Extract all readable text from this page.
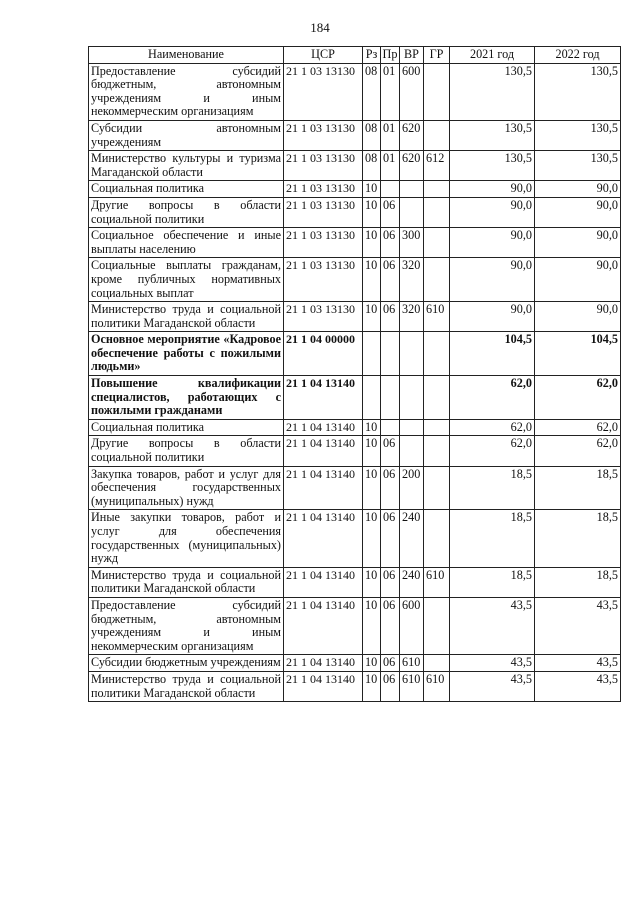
184
Наименование	ЦСР	Рз	Пр	ВР	ГР	2021 год	2022 год
Предоставление субсидий бюджетным, автономным учреждениям и иным некоммерческим организациям	21 1 03 13130	08	01	600		130,5	130,5
Субсидии автономным учреждениям	21 1 03 13130	08	01	620		130,5	130,5
Министерство культуры и туризма Магаданской области	21 1 03 13130	08	01	620	612	130,5	130,5
Социальная политика	21 1 03 13130	10				90,0	90,0
Другие вопросы в области социальной политики	21 1 03 13130	10	06			90,0	90,0
Социальное обеспечение и иные выплаты населению	21 1 03 13130	10	06	300		90,0	90,0
Социальные выплаты гражданам, кроме публичных нормативных социальных выплат	21 1 03 13130	10	06	320		90,0	90,0
Министерство труда и социальной политики Магаданской области	21 1 03 13130	10	06	320	610	90,0	90,0
Основное мероприятие «Кадровое обеспечение работы с пожилыми людьми»	21 1 04 00000					104,5	104,5
Повышение квалификации специалистов, работающих с пожилыми гражданами	21 1 04 13140					62,0	62,0
Социальная политика	21 1 04 13140	10				62,0	62,0
Другие вопросы в области социальной политики	21 1 04 13140	10	06			62,0	62,0
Закупка товаров, работ и услуг для обеспечения государственных (муниципальных) нужд	21 1 04 13140	10	06	200		18,5	18,5
Иные закупки товаров, работ и услуг для обеспечения государственных (муниципальных) нужд	21 1 04 13140	10	06	240		18,5	18,5
Министерство труда и социальной политики Магаданской области	21 1 04 13140	10	06	240	610	18,5	18,5
Предоставление субсидий бюджетным, автономным учреждениям и иным некоммерческим организациям	21 1 04 13140	10	06	600		43,5	43,5
Субсидии бюджетным учреждениям	21 1 04 13140	10	06	610		43,5	43,5
Министерство труда и социальной политики Магаданской области	21 1 04 13140	10	06	610	610	43,5	43,5
